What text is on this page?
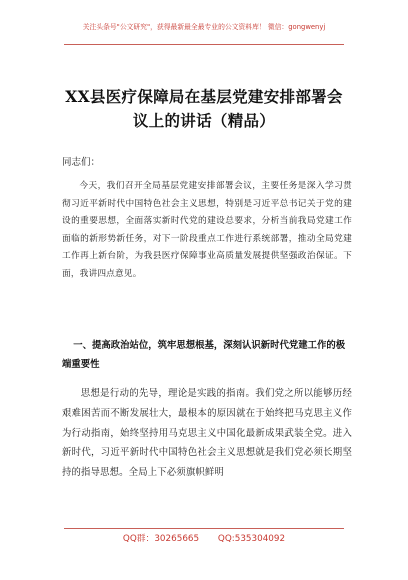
关注头条号"公文研究"，获得最新最全最专业的公文资料库！ 微信：gongwenyj
XX县医疗保障局在基层党建安排部署会议上的讲话（精品）
同志们：
今天，我们召开全局基层党建安排部署会议，主要任务是深入学习贯彻习近平新时代中国特色社会主义思想，特别是习近平总书记关于党的建设的重要思想，全面落实新时代党的建设总要求，分析当前我局党建工作面临的新形势新任务，对下一阶段重点工作进行系统部署，推动全局党建工作再上新台阶，为我县医疗保障事业高质量发展提供坚强政治保证。下面，我讲四点意见。
一、提高政治站位，筑牢思想根基，深刻认识新时代党建工作的极端重要性
思想是行动的先导，理论是实践的指南。我们党之所以能够历经艰难困苦而不断发展壮大，最根本的原因就在于始终把马克思主义作为行动指南，始终坚持用马克思主义中国化最新成果武装全党。进入新时代，习近平新时代中国特色社会主义思想就是我们党必须长期坚持的指导思想。全局上下必须旗帜鲜明
QQ群：30265665 QQ:535304092
